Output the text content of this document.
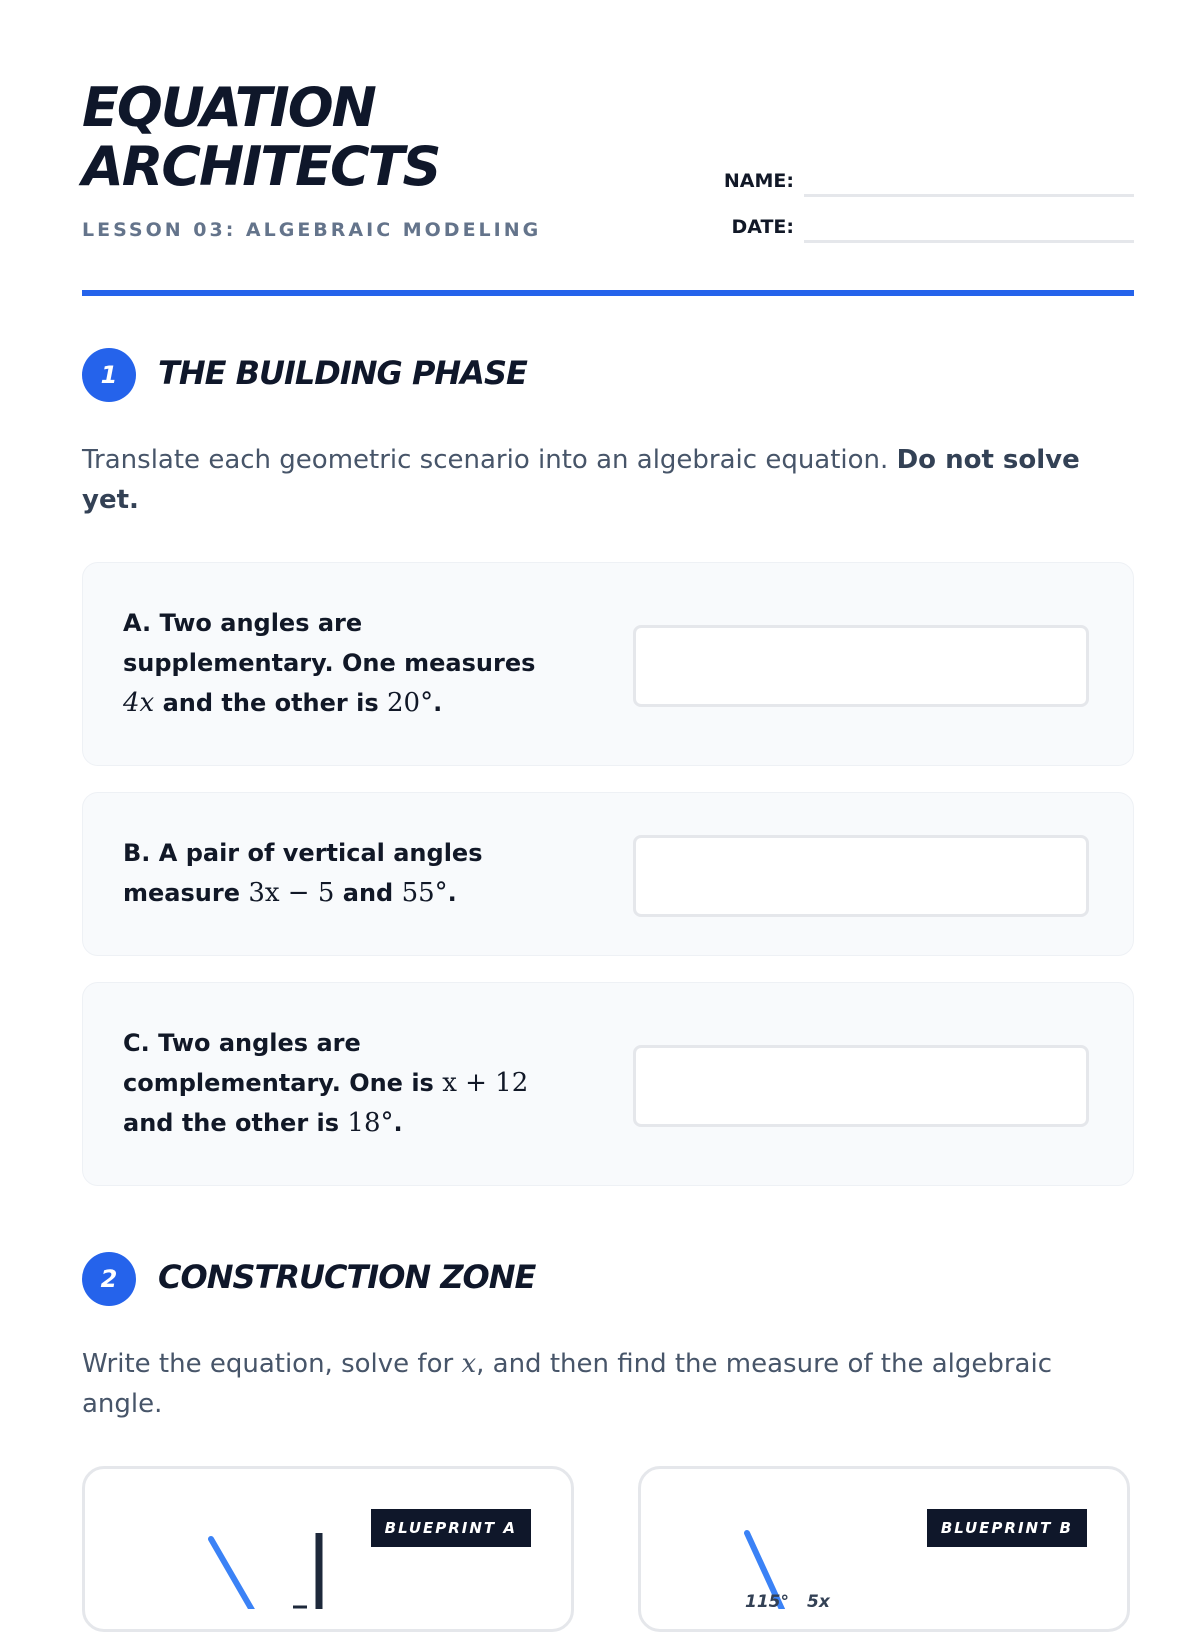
EQUATION
ARCHITECTS
LESSON 03: ALGEBRAIC MODELING
NAME:
DATE:
1	THE BUILDING PHASE
Translate each geometric scenario into an algebraic equation. Do not solve yet.
A. Two angles are supplementary. One measures 4x and the other is 20°.
B. A pair of vertical angles measure 3x − 5 and 55°.
C. Two angles are complementary. One is x + 12 and the other is 18°.
2	CONSTRUCTION ZONE
Write the equation, solve for x, and then find the measure of the algebraic angle.
BLUEPRINT A
115° 5x
BLUEPRINT B
